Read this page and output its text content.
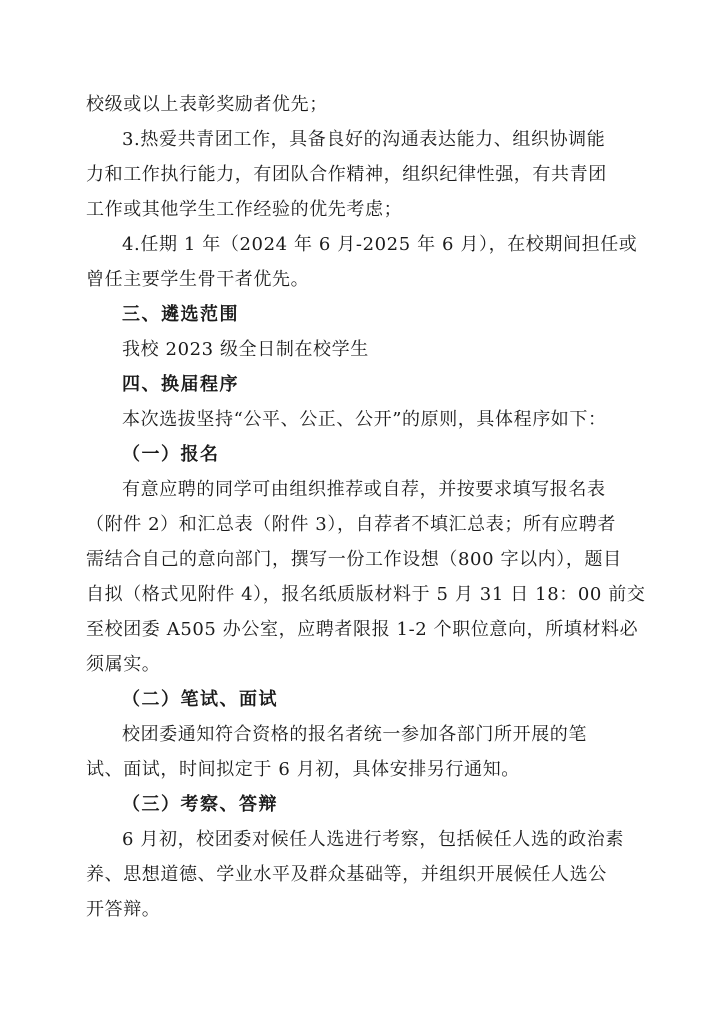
校级或以上表彰奖励者优先；
3.热爱共青团工作，具备良好的沟通表达能力、组织协调能
力和工作执行能力，有团队合作精神，组织纪律性强，有共青团
工作或其他学生工作经验的优先考虑；
4.任期 1 年（2024 年 6 月-2025 年 6 月），在校期间担任或
曾任主要学生骨干者优先。
三、遴选范围
我校 2023 级全日制在校学生
四、换届程序
本次选拔坚持“公平、公正、公开”的原则，具体程序如下：
（一）报名
有意应聘的同学可由组织推荐或自荐，并按要求填写报名表
（附件 2）和汇总表（附件 3），自荐者不填汇总表；所有应聘者
需结合自己的意向部门，撰写一份工作设想（800 字以内），题目
自拟（格式见附件 4），报名纸质版材料于 5 月 31 日 18：00 前交
至校团委 A505 办公室，应聘者限报 1-2 个职位意向，所填材料必
须属实。
（二）笔试、面试
校团委通知符合资格的报名者统一参加各部门所开展的笔
试、面试，时间拟定于 6 月初，具体安排另行通知。
（三）考察、答辩
6 月初，校团委对候任人选进行考察，包括候任人选的政治素
养、思想道德、学业水平及群众基础等，并组织开展候任人选公
开答辩。
